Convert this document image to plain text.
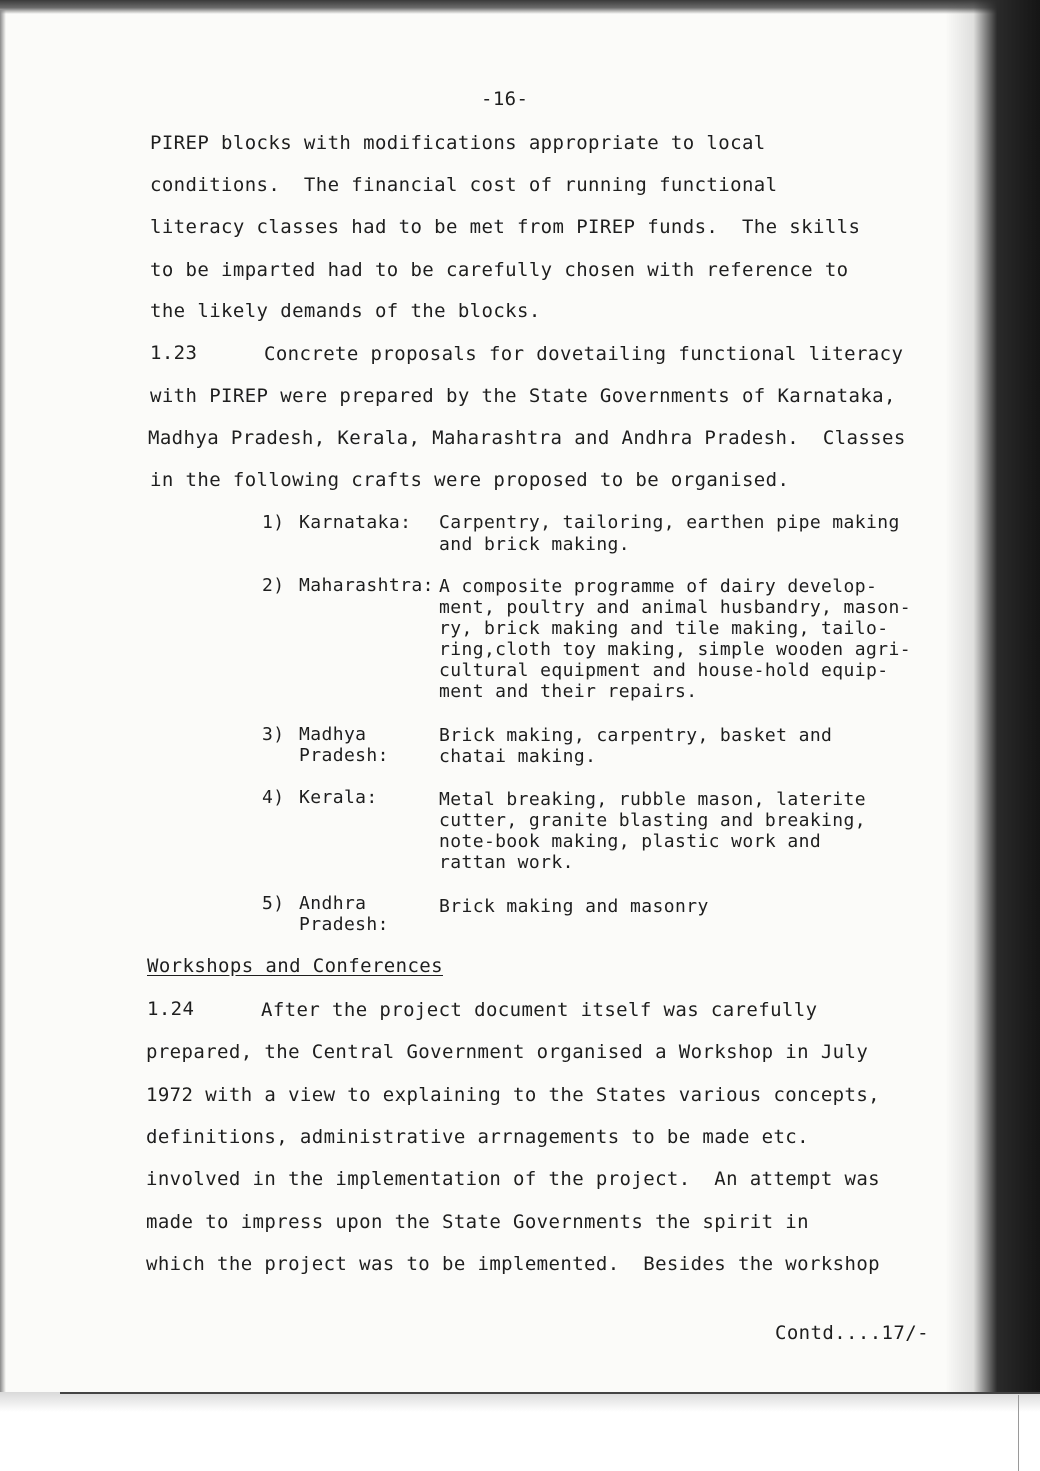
-16-
PIREP blocks with modifications appropriate to local
conditions.  The financial cost of running functional
literacy classes had to be met from PIREP funds.  The skills
to be imparted had to be carefully chosen with reference to
the likely demands of the blocks.
1.23	Concrete proposals for dovetailing functional literacy
with PIREP were prepared by the State Governments of Karnataka,
Madhya Pradesh, Kerala, Maharashtra and Andhra Pradesh.  Classes
in the following crafts were proposed to be organised.
1) Karnataka: Carpentry, tailoring, earthen pipe making
and brick making.
2) Maharashtra: A composite programme of dairy develop-
ment, poultry and animal husbandry, mason-
ry, brick making and tile making, tailo-
ring,cloth toy making, simple wooden agri-
cultural equipment and house-hold equip-
ment and their repairs.
3) Madhya
Pradesh:
Brick making, carpentry, basket and
chatai making.
4) Kerala:	Metal breaking, rubble mason, laterite
cutter, granite blasting and breaking,
note-book making, plastic work and
rattan work.
5) Andhra
Pradesh:
Brick making and masonry
Workshops and Conferences
1.24	After the project document itself was carefully
prepared, the Central Government organised a Workshop in July
1972 with a view to explaining to the States various concepts,
definitions, administrative arrnagements to be made etc.
involved in the implementation of the project.  An attempt was
made to impress upon the State Governments the spirit in
which the project was to be implemented.  Besides the workshop
Contd....17/-
